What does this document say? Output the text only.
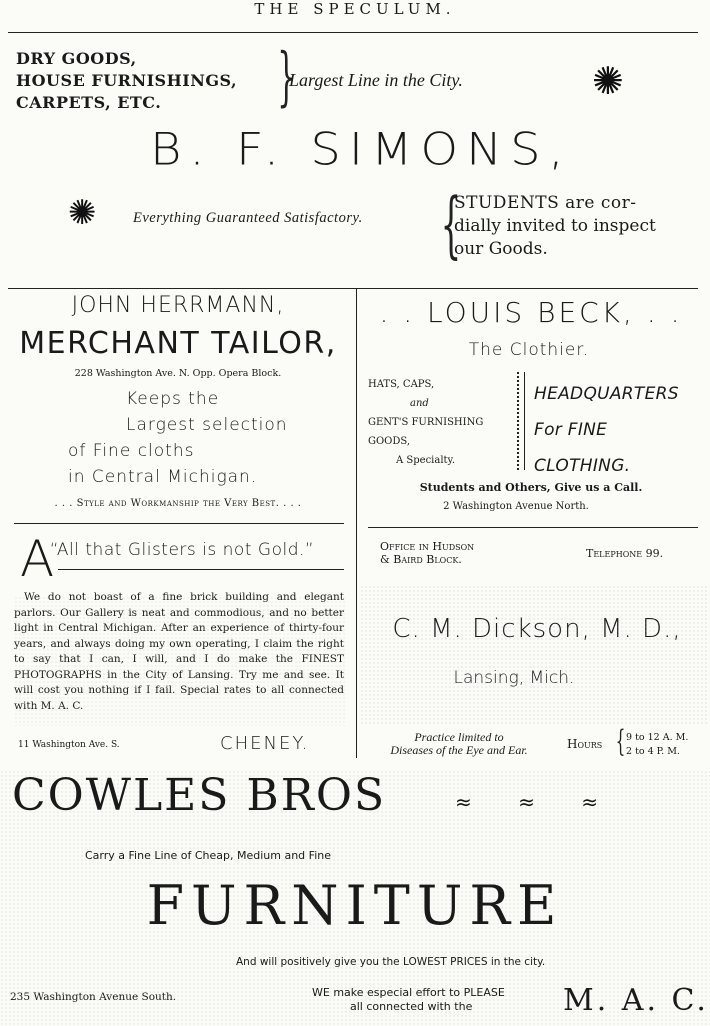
THE SPECULUM.
DRY GOODS,
HOUSE FURNISHINGS,
CARPETS, ETC.	}
Largest Line in the City.	✺
B. F. SIMONS,
✺	Everything Guaranteed Satisfactory. {
STUDENTS are cor-
dially invited to inspect
our Goods.
JOHN HERRMANN,
MERCHANT TAILOR,
228 Washington Ave. N. Opp. Opera Block.
Keeps the
Largest selection
of Fine cloths
in Central Michigan.
. . . Style and Workmanship the Very Best. . . .
. . LOUIS BECK, . .
The Clothier.
HATS, CAPS,
and
GENT'S FURNISHING
GOODS,
A Specialty.
HEADQUARTERS
For FINE
CLOTHING.
Students and Others, Give us a Call.
2 Washington Avenue North.
A
“All that Glisters is not Gold.”
We do not boast of a fine brick building and elegant parlors. Our Gallery is neat and commodious, and no better light in Central Michigan. After an experience of thirty-four years, and always doing my own operating, I claim the right to say that I can, I will, and I do make the FINEST PHOTOGRAPHS in the City of Lansing. Try me and see. It will cost you nothing if I fail. Special rates to all connected with M. A. C.
11 Washington Ave. S.	CHENEY.
Office in Hudson
& Baird Block.	Telephone 99.
C. M. Dickson, M. D.,
Lansing, Mich.
Practice limited to
Diseases of the Eye and Ear.	Hours { 9 to 12 A. M.
2 to 4 P. M.
COWLES BROS	≈ ≈ ≈
Carry a Fine Line of Cheap, Medium and Fine
FURNITURE
And will positively give you the LOWEST PRICES in the city.
235 Washington Avenue South.	WE make especial effort to PLEASE
all connected with the	M. A. C.
